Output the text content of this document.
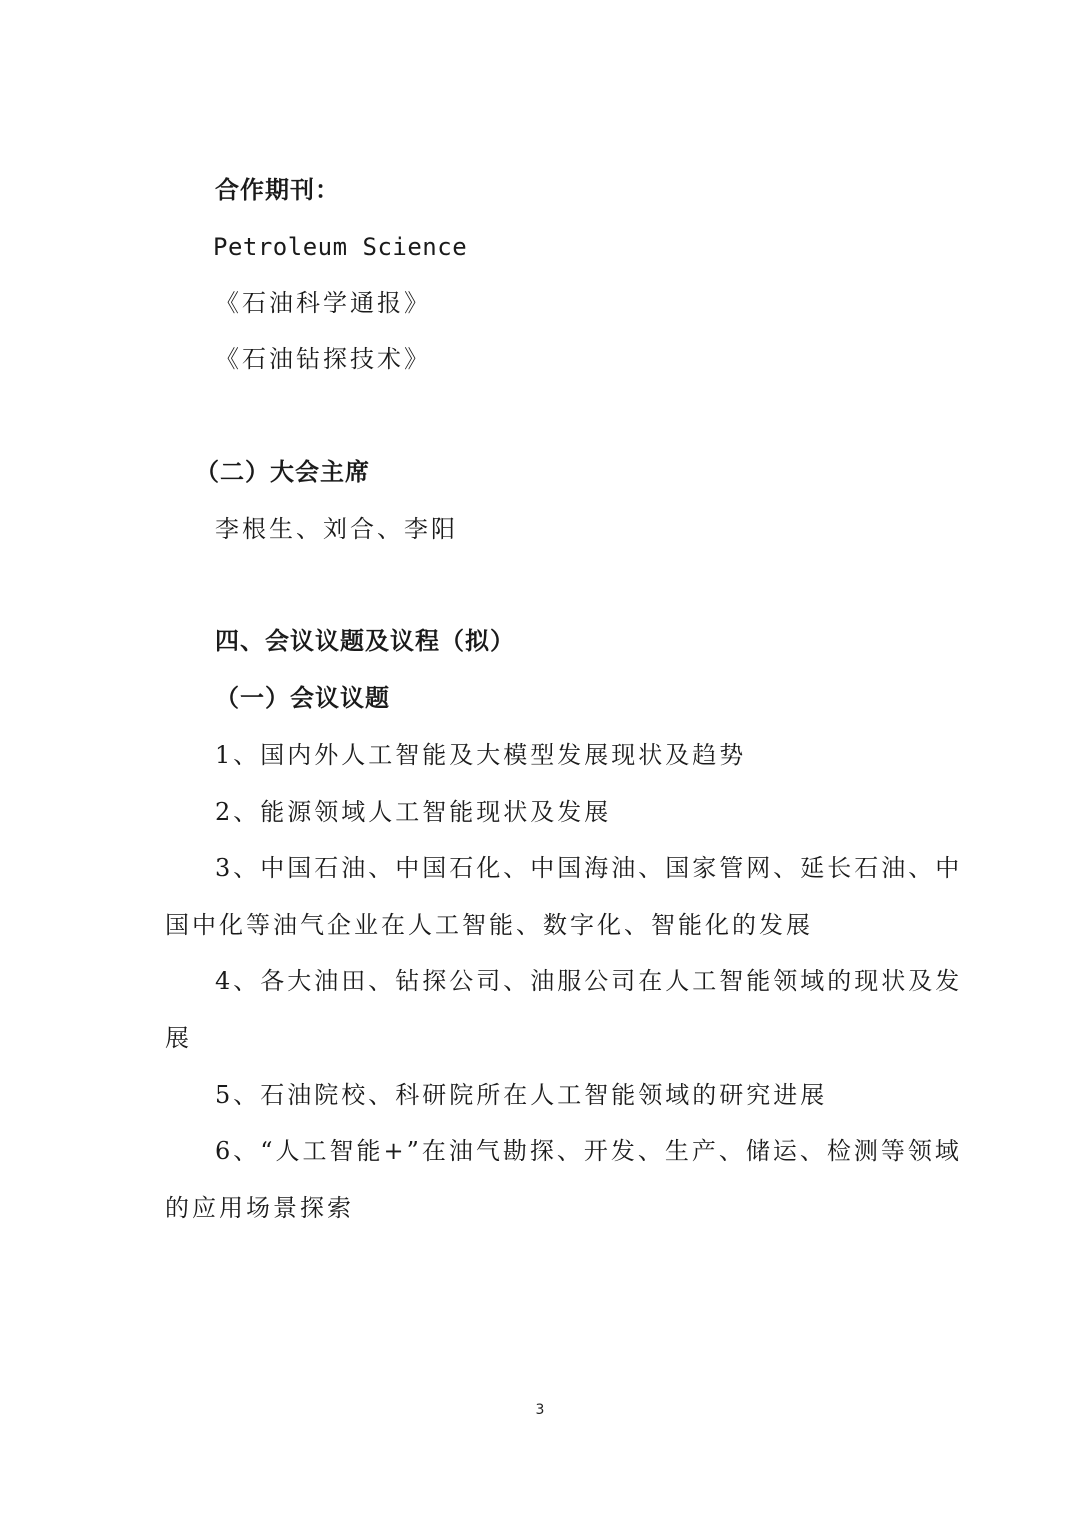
合作期刊：
Petroleum Science
《石油科学通报》
《石油钻探技术》
（二）大会主席
李根生、刘合、李阳
四、会议议题及议程（拟）
（一）会议议题
1、国内外人工智能及大模型发展现状及趋势
2、能源领域人工智能现状及发展
3、中国石油、中国石化、中国海油、国家管网、延长石油、中
国中化等油气企业在人工智能、数字化、智能化的发展
4、各大油田、钻探公司、油服公司在人工智能领域的现状及发
展
5、石油院校、科研院所在人工智能领域的研究进展
6、“人工智能+”在油气勘探、开发、生产、储运、检测等领域
的应用场景探索
3
